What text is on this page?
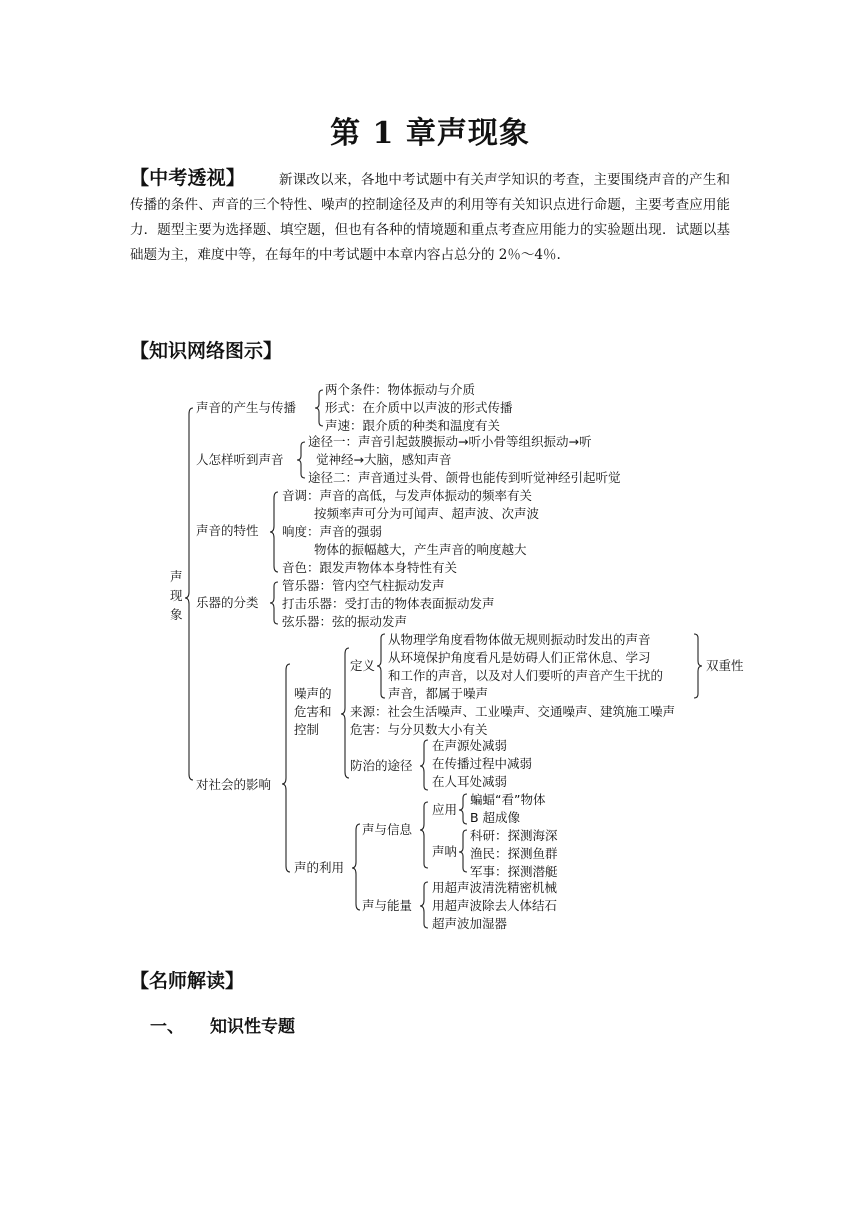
第 1 章声现象
【中考透视】	新课改以来，各地中考试题中有关声学知识的考查，主要围绕声音的产生和传播的条件、声音的三个特性、噪声的控制途径及声的利用等有关知识点进行命题，主要考查应用能力．题型主要为选择题、填空题，但也有各种的情境题和重点考查应用能力的实验题出现．试题以基础题为主，难度中等，在每年的中考试题中本章内容占总分的 2％～4％.
【知识网络图示】
声
现
象
声音的产生与传播
两个条件：物体振动与介质
形式：在介质中以声波的形式传播
声速：跟介质的种类和温度有关
人怎样听到声音
途径一：声音引起鼓膜振动→听小骨等组织振动→听
觉神经→大脑，感知声音
途径二：声音通过头骨、颌骨也能传到听觉神经引起听觉
声音的特性
音调：声音的高低，与发声体振动的频率有关
按频率声可分为可闻声、超声波、次声波
响度：声音的强弱
物体的振幅越大，产生声音的响度越大
音色：跟发声物体本身特性有关
乐器的分类
管乐器：管内空气柱振动发声
打击乐器：受打击的物体表面振动发声
弦乐器：弦的振动发声
对社会的影响
噪声的
危害和
控制
定义
从物理学角度看物体做无规则振动时发出的声音
从环境保护角度看凡是妨碍人们正常休息、学习
和工作的声音，以及对人们要听的声音产生干扰的
声音，都属于噪声
来源：社会生活噪声、工业噪声、交通噪声、建筑施工噪声
危害：与分贝数大小有关
防治的途径
在声源处减弱
在传播过程中减弱
在人耳处减弱
声的利用
声与信息
应用
蝙蝠“看”物体
B 超成像
声呐
科研：探测海深
渔民：探测鱼群
军事：探测潜艇
声与能量
用超声波清洗精密机械
用超声波除去人体结石
超声波加湿器
双重性
【名师解读】
一、 知识性专题
